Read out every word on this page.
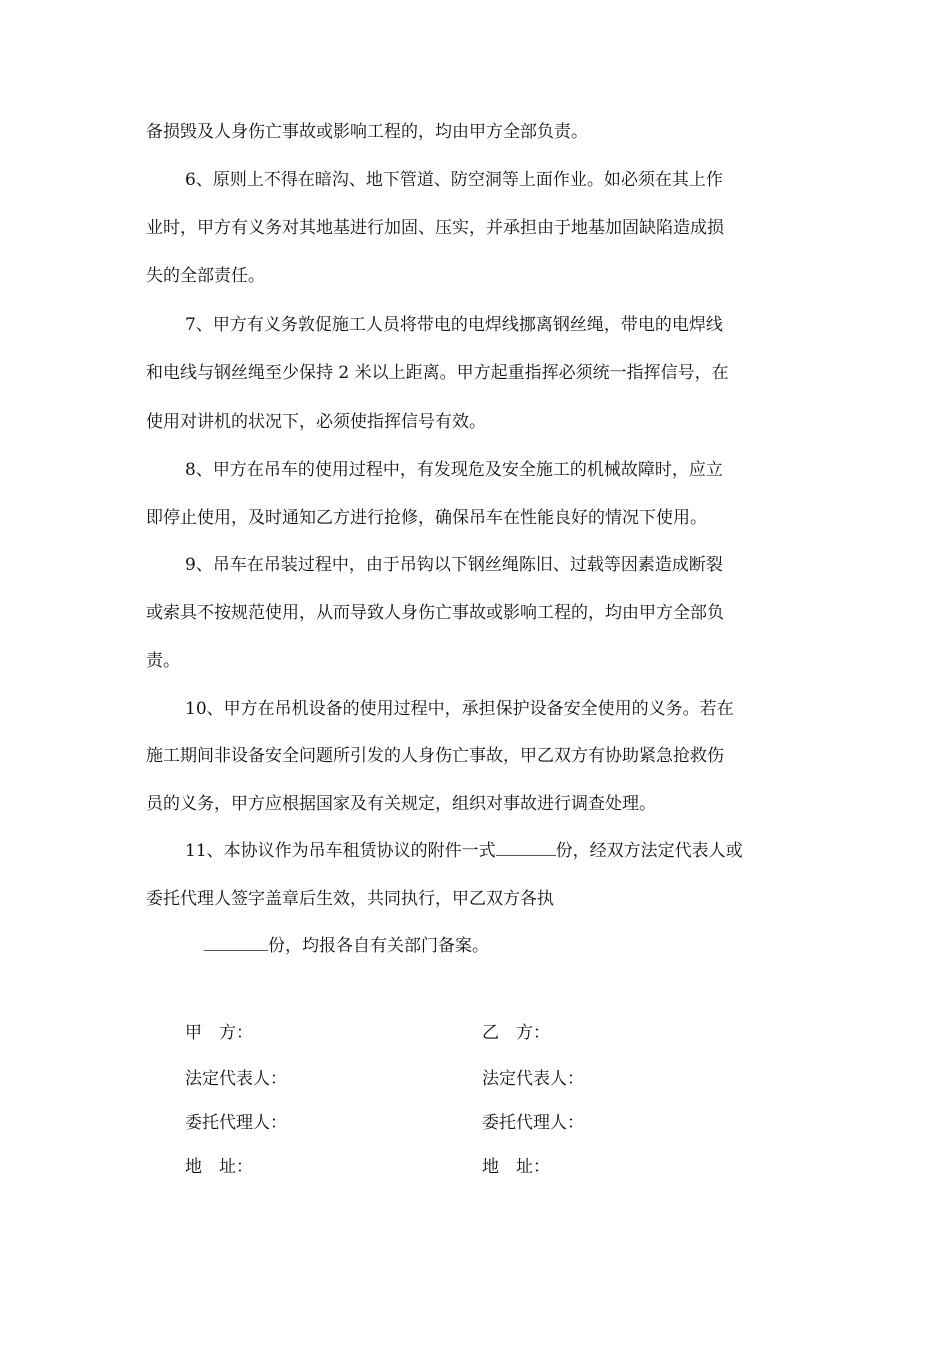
备损毁及人身伤亡事故或影响工程的，均由甲方全部负责。
6、原则上不得在暗沟、地下管道、防空洞等上面作业。如必须在其上作
业时，甲方有义务对其地基进行加固、压实，并承担由于地基加固缺陷造成损
失的全部责任。
7、甲方有义务敦促施工人员将带电的电焊线挪离钢丝绳，带电的电焊线
和电线与钢丝绳至少保持 2 米以上距离。甲方起重指挥必须统一指挥信号，在
使用对讲机的状况下，必须使指挥信号有效。
8、甲方在吊车的使用过程中，有发现危及安全施工的机械故障时，应立
即停止使用，及时通知乙方进行抢修，确保吊车在性能良好的情况下使用。
9、吊车在吊装过程中，由于吊钩以下钢丝绳陈旧、过载等因素造成断裂
或索具不按规范使用，从而导致人身伤亡事故或影响工程的，均由甲方全部负
责。
10、甲方在吊机设备的使用过程中，承担保护设备安全使用的义务。若在
施工期间非设备安全问题所引发的人身伤亡事故，甲乙双方有协助紧急抢救伤
员的义务，甲方应根据国家及有关规定，组织对事故进行调查处理。
11、本协议作为吊车租赁协议的附件一式	份，经双方法定代表人或
委托代理人签字盖章后生效，共同执行，甲乙双方各执
份，均报各自有关部门备案。
甲　方：
法定代表人：
委托代理人：
地　址：
乙　方：
法定代表人：
委托代理人：
地　址：
